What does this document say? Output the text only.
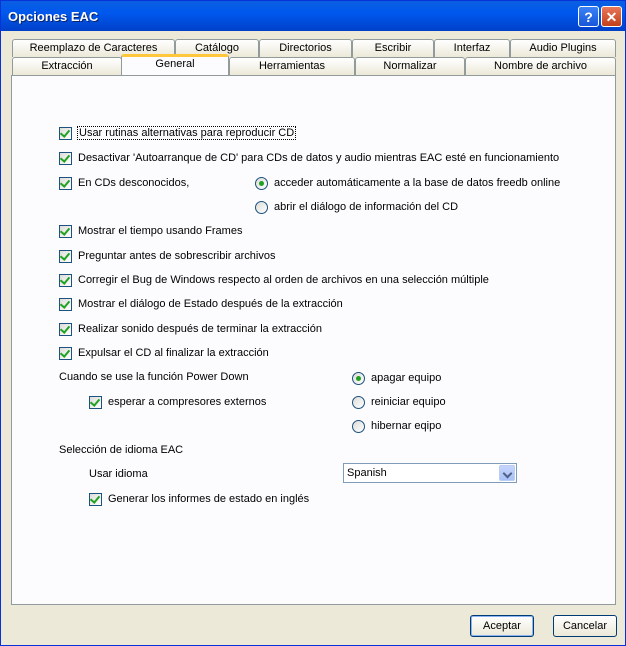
Opciones EAC	? ✕
Reemplazo de Caracteres	Catálogo	Directorios	Escribir	Interfaz	Audio Plugins
Extracción	General	Herramientas	Normalizar	Nombre de archivo
Usar rutinas alternativas para reproducir CD
Desactivar 'Autoarranque de CD' para CDs de datos y audio mientras EAC esté en funcionamiento
En CDs desconocidos,	acceder automáticamente a la base de datos freedb online
abrir el diálogo de información del CD
Mostrar el tiempo usando Frames
Preguntar antes de sobrescribir archivos
Corregir el Bug de Windows respecto al orden de archivos en una selección múltiple
Mostrar el diálogo de Estado después de la extracción
Realizar sonido después de terminar la extracción
Expulsar el CD al finalizar la extracción
Cuando se use la función Power Down
esperar a compresores externos
apagar equipo
reiniciar equipo
hibernar eqipo
Selección de idioma EAC
Usar idioma	Spanish
Generar los informes de estado en inglés
Aceptar	Cancelar
